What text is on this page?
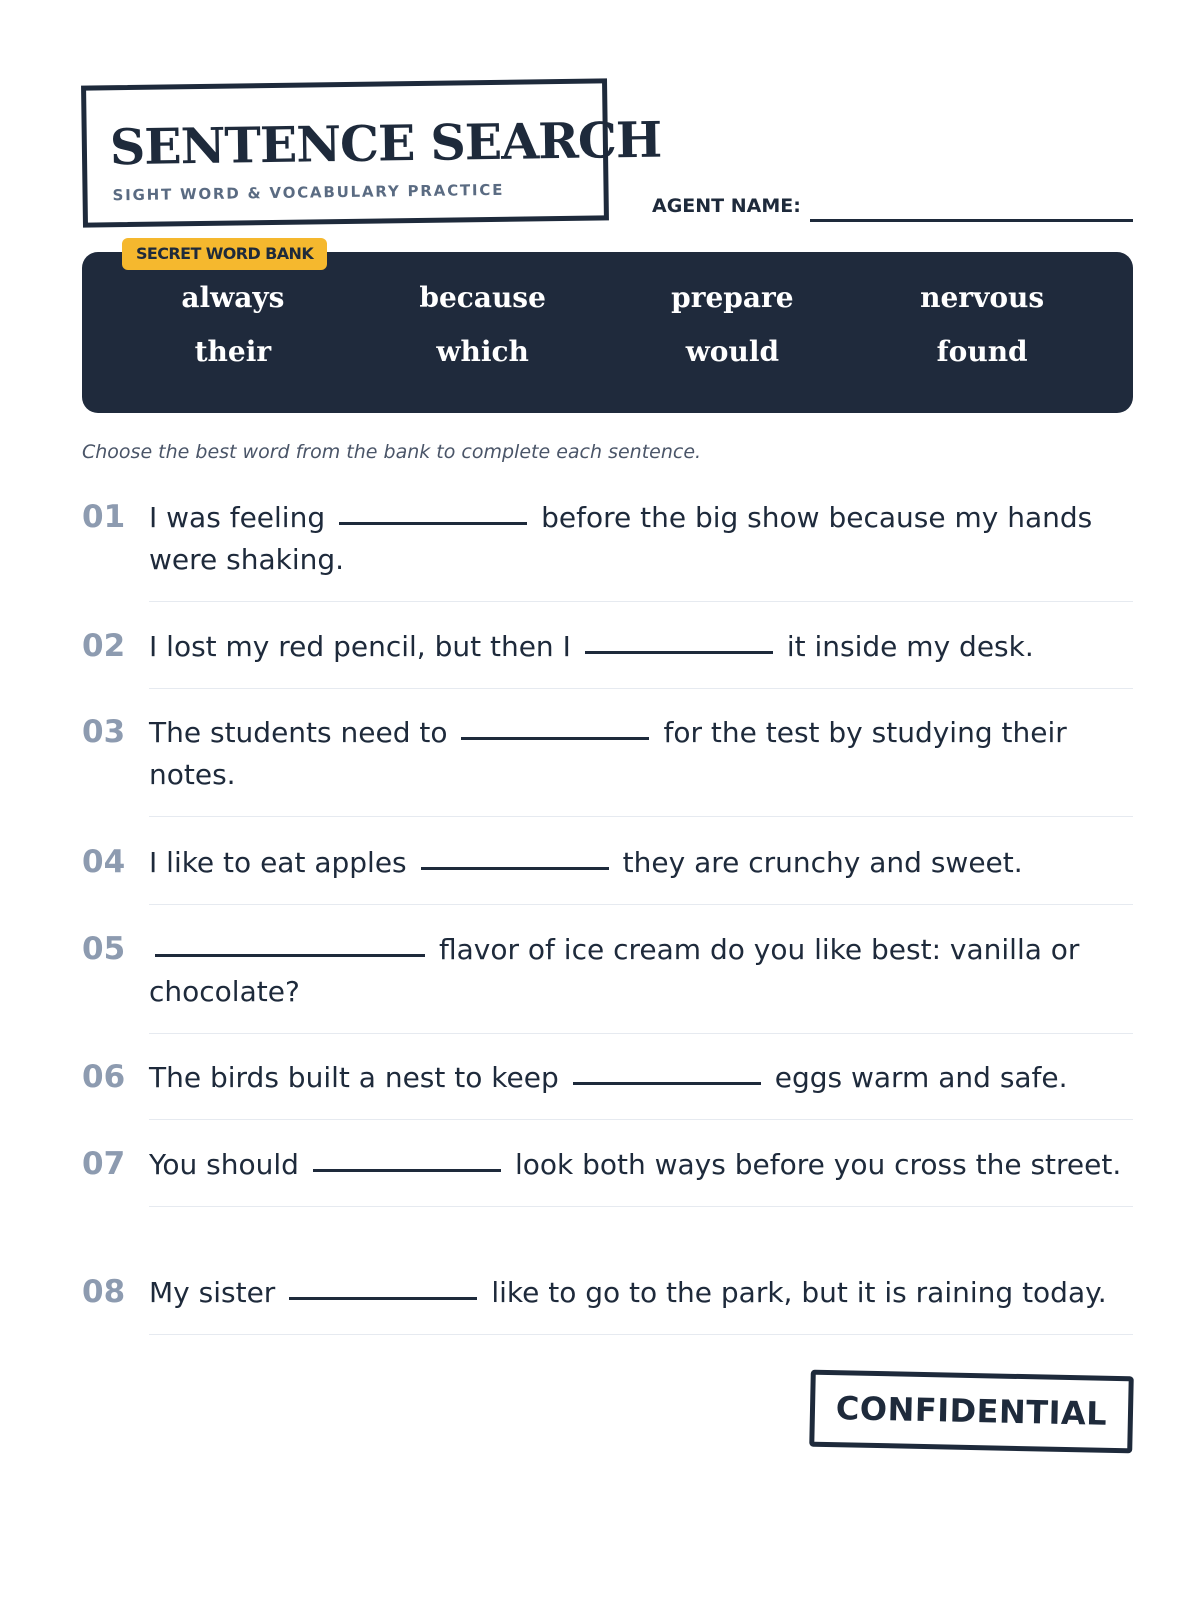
SENTENCE SEARCH
SIGHT WORD & VOCABULARY PRACTICE
AGENT NAME:
SECRET WORD BANK
always	because	prepare	nervous
their	which	would	found
Choose the best word from the bank to complete each sentence.
01 I was feeling	before the big show because my hands were shaking.
02 I lost my red pencil, but then I	it inside my desk.
03 The students need to	for the test by studying their notes.
04 I like to eat apples	they are crunchy and sweet.
05	flavor of ice cream do you like best: vanilla or chocolate?
06 The birds built a nest to keep	eggs warm and safe.
07 You should	look both ways before you cross the street.
08 My sister	like to go to the park, but it is raining today.
CONFIDENTIAL
